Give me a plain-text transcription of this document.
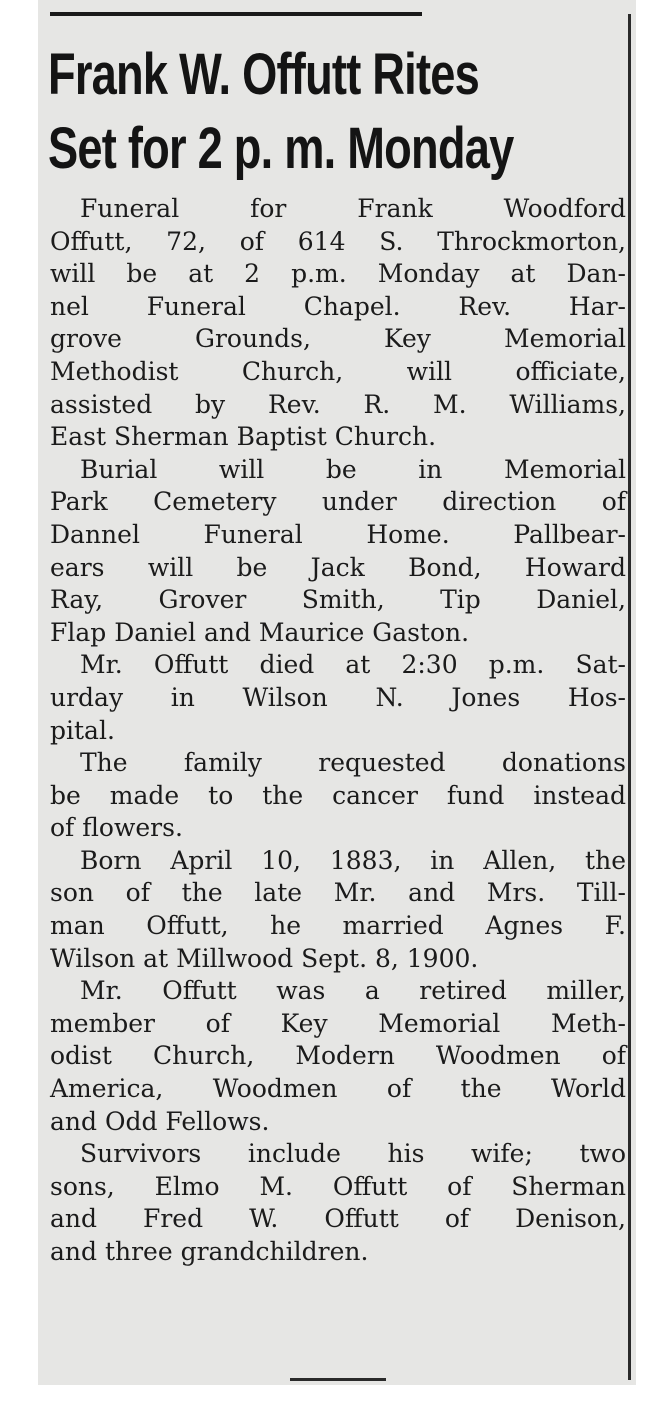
Frank W. Offutt Rites
Set for 2 p. m. Monday
Funeral for Frank Woodford
Offutt, 72, of 614 S. Throckmorton,
will be at 2 p.m. Monday at Dan-
nel Funeral Chapel. Rev. Har-
grove Grounds, Key Memorial
Methodist Church, will officiate,
assisted by Rev. R. M. Williams,
East Sherman Baptist Church.
Burial will be in Memorial
Park Cemetery under direction of
Dannel Funeral Home. Pallbear-
ears will be Jack Bond, Howard
Ray, Grover Smith, Tip Daniel,
Flap Daniel and Maurice Gaston.
Mr. Offutt died at 2:30 p.m. Sat-
urday in Wilson N. Jones Hos-
pital.
The family requested donations
be made to the cancer fund instead
of flowers.
Born April 10, 1883, in Allen, the
son of the late Mr. and Mrs. Till-
man Offutt, he married Agnes F.
Wilson at Millwood Sept. 8, 1900.
Mr. Offutt was a retired miller,
member of Key Memorial Meth-
odist Church, Modern Woodmen of
America, Woodmen of the World
and Odd Fellows.
Survivors include his wife; two
sons, Elmo M. Offutt of Sherman
and Fred W. Offutt of Denison,
and three grandchildren.
